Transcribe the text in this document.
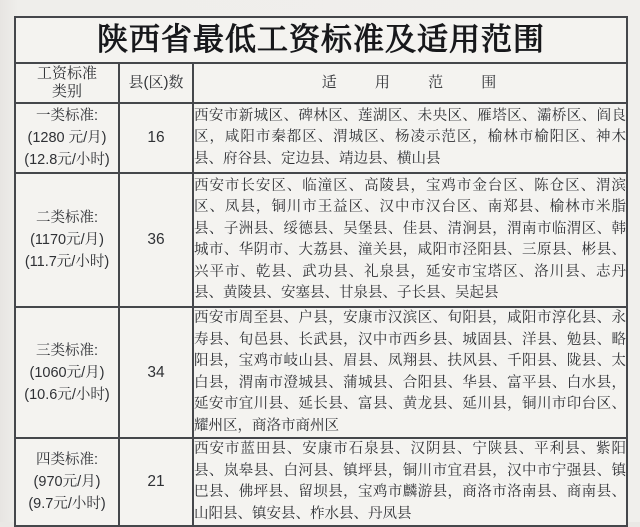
陕西省最低工资标准及适用范围		

工资标准
类别	县(区)数	适 用 范 围

一类标准:
(1280 元/月)
(12.8元/小时)	16	西安市新城区、碑林区、莲湖区、未央区、雁塔区、灞桥区、阎良区，咸阳市秦都区、渭城区、杨凌示范区，榆林市榆阳区、神木县、府谷县、定边县、靖边县、横山县

二类标准:
(1170元/月)
(11.7元/小时)	36	西安市长安区、临潼区、高陵县，宝鸡市金台区、陈仓区、渭滨区、凤县，铜川市王益区、汉中市汉台区、南郑县、榆林市米脂县、子洲县、绥德县、吴堡县、佳县、清涧县，渭南市临渭区、韩城市、华阴市、大荔县、潼关县，咸阳市泾阳县、三原县、彬县、兴平市、乾县、武功县、礼泉县，延安市宝塔区、洛川县、志丹县、黄陵县、安塞县、甘泉县、子长县、吴起县

三类标准:
(1060元/月)
(10.6元/小时)	34	西安市周至县、户县，安康市汉滨区、旬阳县，咸阳市淳化县、永寿县、旬邑县、长武县，汉中市西乡县、城固县、洋县、勉县、略阳县，宝鸡市岐山县、眉县、凤翔县、扶风县、千阳县、陇县、太白县，渭南市澄城县、蒲城县、合阳县、华县、富平县、白水县，延安市宜川县、延长县、富县、黄龙县、延川县，铜川市印台区、耀州区，商洛市商州区

四类标准:
(970元/月)
(9.7元/小时)	21	西安市蓝田县、安康市石泉县、汉阴县、宁陕县、平利县、紫阳县、岚皋县、白河县、镇坪县，铜川市宜君县，汉中市宁强县、镇巴县、佛坪县、留坝县，宝鸡市麟游县，商洛市洛南县、商南县、山阳县、镇安县、柞水县、丹凤县
